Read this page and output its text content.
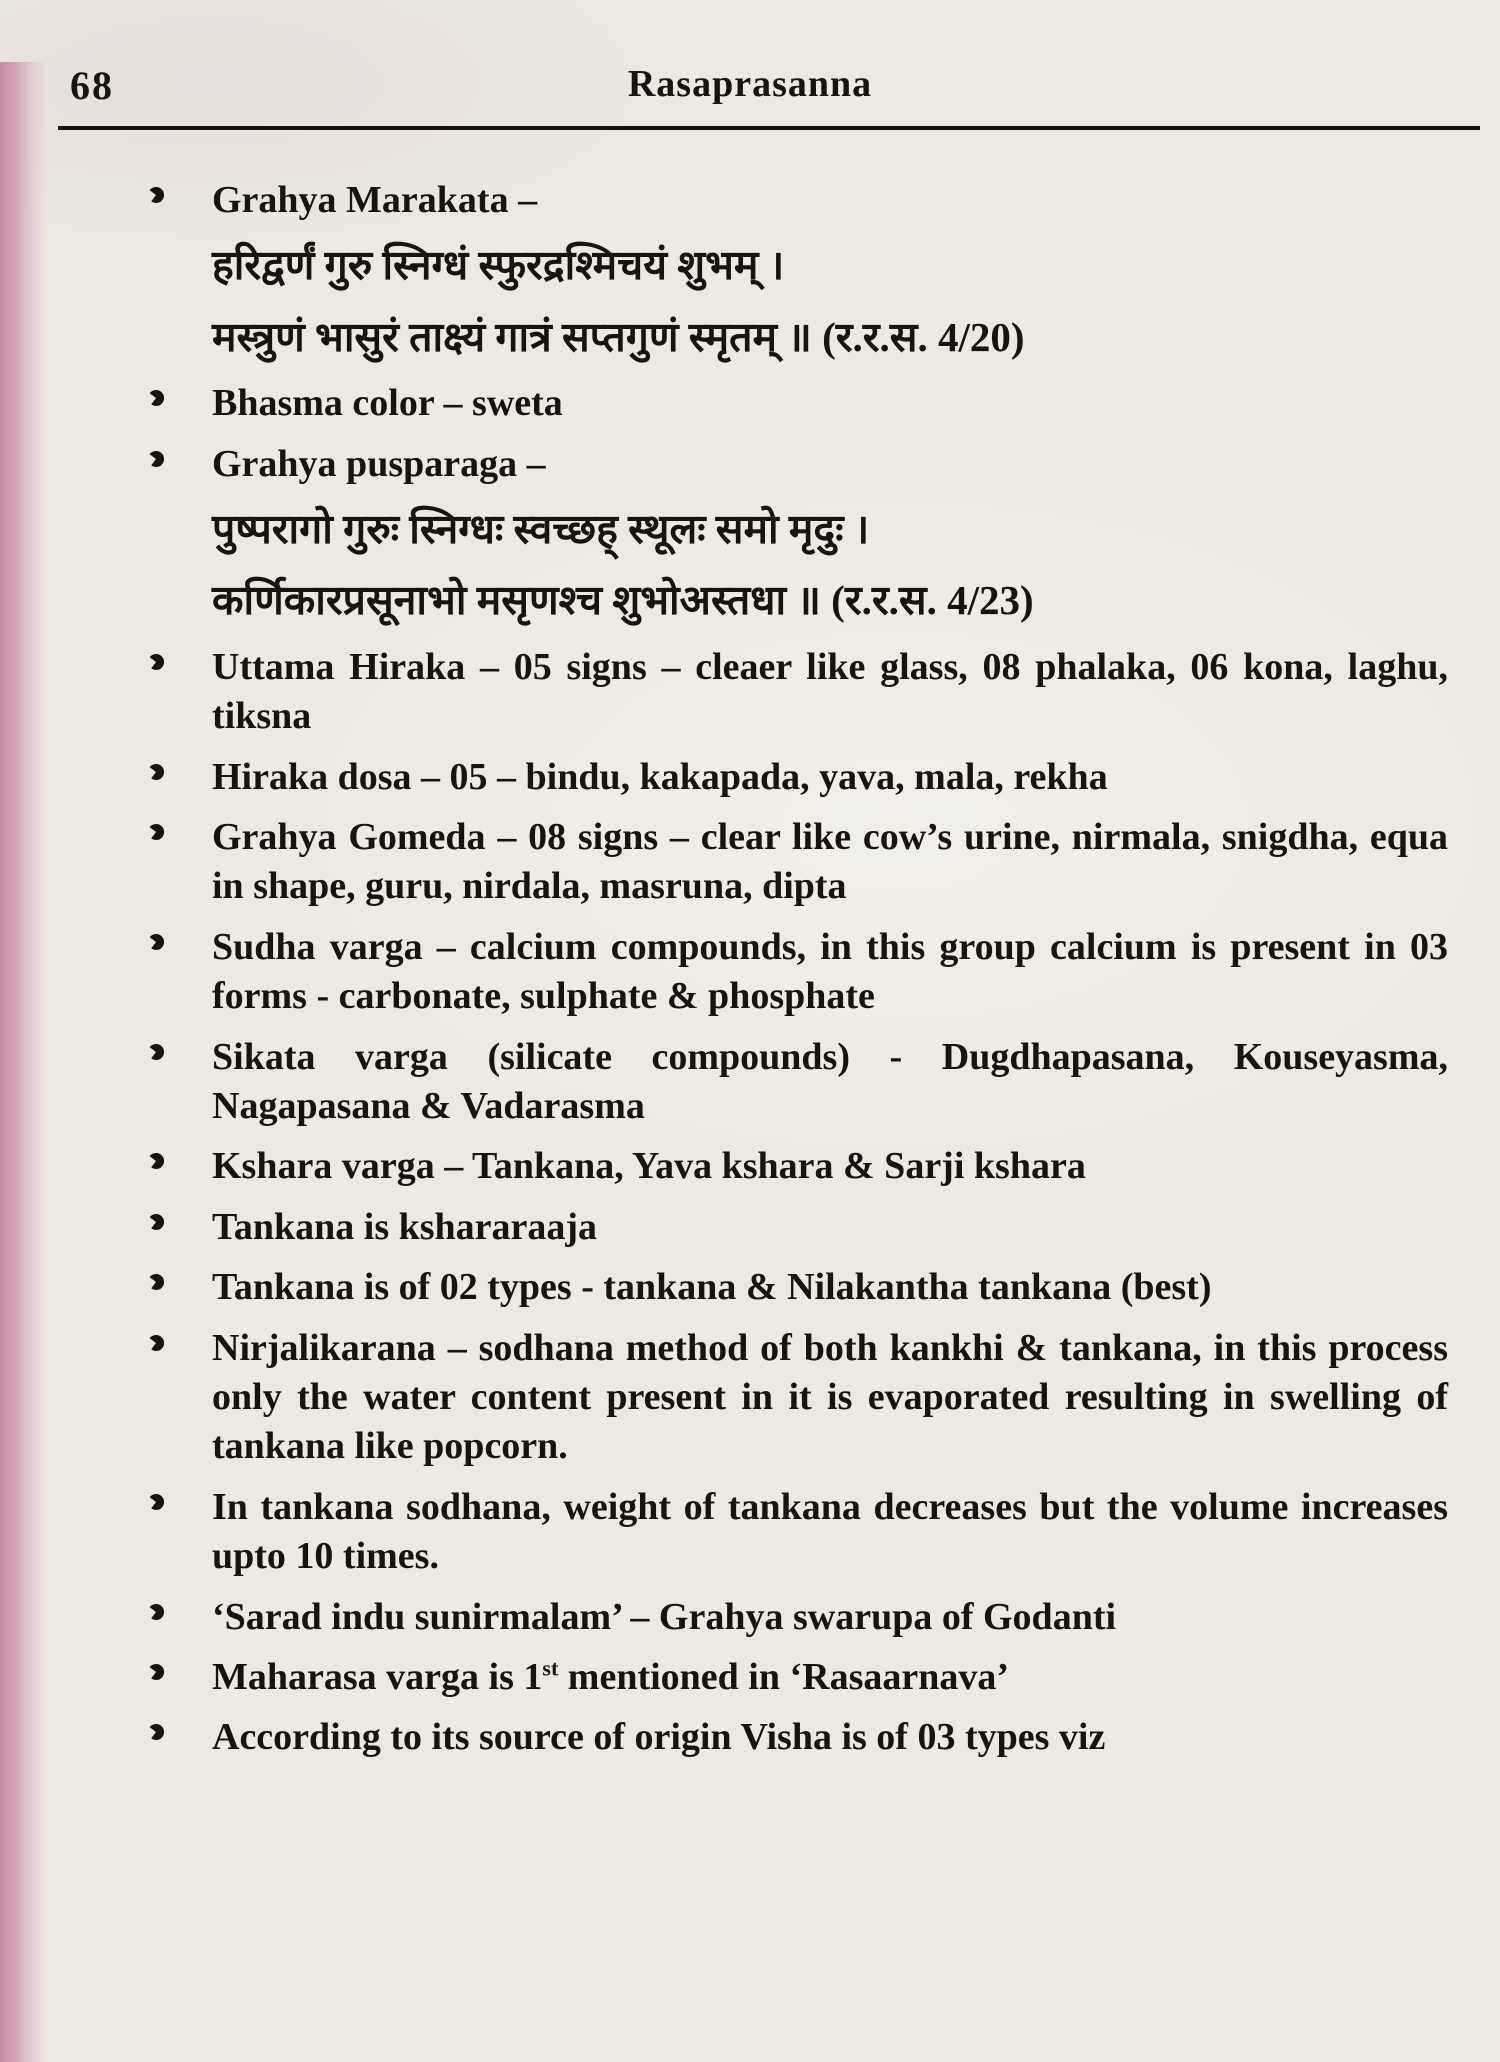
68	Rasaprasanna
Grahya Marakata –
हरिद्वर्णं गुरु स्निग्धं स्फुरद्रश्मिचयं शुभम् ।
मस्त्रुणं भासुरं ताक्ष्यं गात्रं सप्तगुणं स्मृतम् ॥ (र.र.स. 4/20)
Bhasma color – sweta
Grahya pusparaga –
पुष्परागो गुरुः स्निग्धः स्वच्छह् स्थूलः समो मृदुः ।
कर्णिकारप्रसूनाभो मसृणश्च शुभोअस्तधा ॥ (र.र.स. 4/23)
Uttama Hiraka – 05 signs – cleaer like glass, 08 phalaka, 06 kona, laghu, tiksna
Hiraka dosa – 05 – bindu, kakapada, yava, mala, rekha
Grahya Gomeda – 08 signs – clear like cow’s urine, nirmala, snigdha, equa in shape, guru, nirdala, masruna, dipta
Sudha varga – calcium compounds, in this group calcium is present in 03 forms - carbonate, sulphate & phosphate
Sikata varga (silicate compounds) - Dugdhapasana, Kouseyasma, Nagapasana & Vadarasma
Kshara varga – Tankana, Yava kshara & Sarji kshara
Tankana is kshararaaja
Tankana is of 02 types - tankana & Nilakantha tankana (best)
Nirjalikarana – sodhana method of both kankhi & tankana, in this process only the water content present in it is evaporated resulting in swelling of tankana like popcorn.
In tankana sodhana, weight of tankana decreases but the volume increases upto 10 times.
‘Sarad indu sunirmalam’ – Grahya swarupa of Godanti
Maharasa varga is 1st mentioned in ‘Rasaarnava’
According to its source of origin Visha is of 03 types viz
